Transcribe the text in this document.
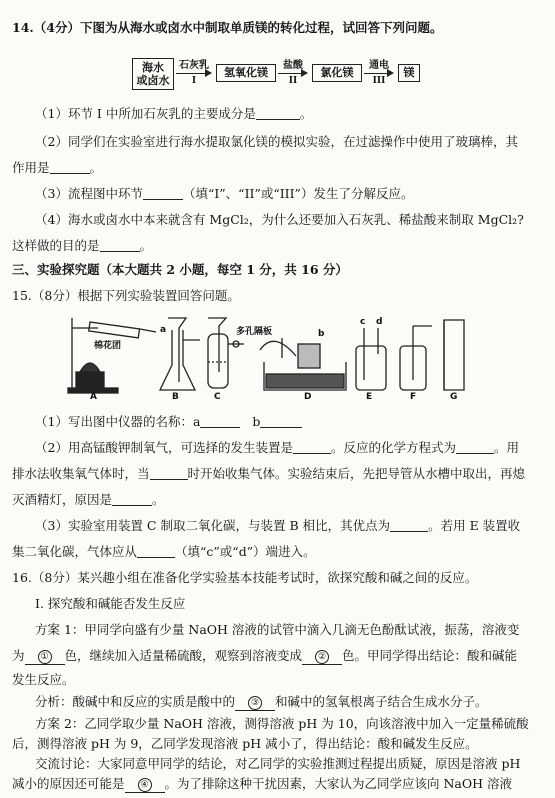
14.（4分）下图为从海水或卤水中制取单质镁的转化过程，试回答下列问题。
海水
或卤水
石灰乳
I
氢氧化镁
盐酸
II
氯化镁
通电
III
镁
（1）环节 I 中所加石灰乳的主要成分是	。
（2）同学们在实验室进行海水提取氯化镁的模拟实验，在过滤操作中使用了玻璃棒，其
作用是	。
（3）流程图中环节	（填“I”、“II”或“III”）发生了分解反应。
（4）海水或卤水中本来就含有 MgCl₂，为什么还要加入石灰乳、稀盐酸来制取 MgCl₂?
这样做的目的是	。
三、实验探究题（本大题共 2 小题，每空 1 分，共 16 分）
15.（8分）根据下列实验装置回答问题。
A	B	C	D	E	F	G
a	b
c d
棉花团
多孔隔板
（1）写出图中仪器的名称：a	b
（2）用高锰酸钾制氧气，可选择的发生装置是	。反应的化学方程式为	。用
排水法收集氧气体时，当	时开始收集气体。实验结束后，先把导管从水槽中取出，再熄
灭酒精灯，原因是	。
（3）实验室用装置 C 制取二氧化碳，与装置 B 相比，其优点为	。若用 E 装置收
集二氧化碳，气体应从	（填“c”或“d”）端进入。
16.（8分）某兴趣小组在准备化学实验基本技能考试时，欲探究酸和碱之间的反应。
I. 探究酸和碱能否发生反应
方案 1：甲同学向盛有少量 NaOH 溶液的试管中滴入几滴无色酚酞试液，振荡，溶液变
为 ① 色，继续加入适量稀硫酸，观察到溶液变成 ② 色。甲同学得出结论：酸和碱能
发生反应。
分析：酸碱中和反应的实质是酸中的 ③ 和碱中的氢氧根离子结合生成水分子。
方案 2：乙同学取少量 NaOH 溶液，测得溶液 pH 为 10，向该溶液中加入一定量稀硫酸
后，测得溶液 pH 为 9，乙同学发现溶液 pH 减小了，得出结论：酸和碱发生反应。
交流讨论：大家同意甲同学的结论，对乙同学的实验推测过程提出质疑，原因是溶液 pH
减小的原因还可能是 ④ 。为了排除这种干扰因素，大家认为乙同学应该向 NaOH 溶液
